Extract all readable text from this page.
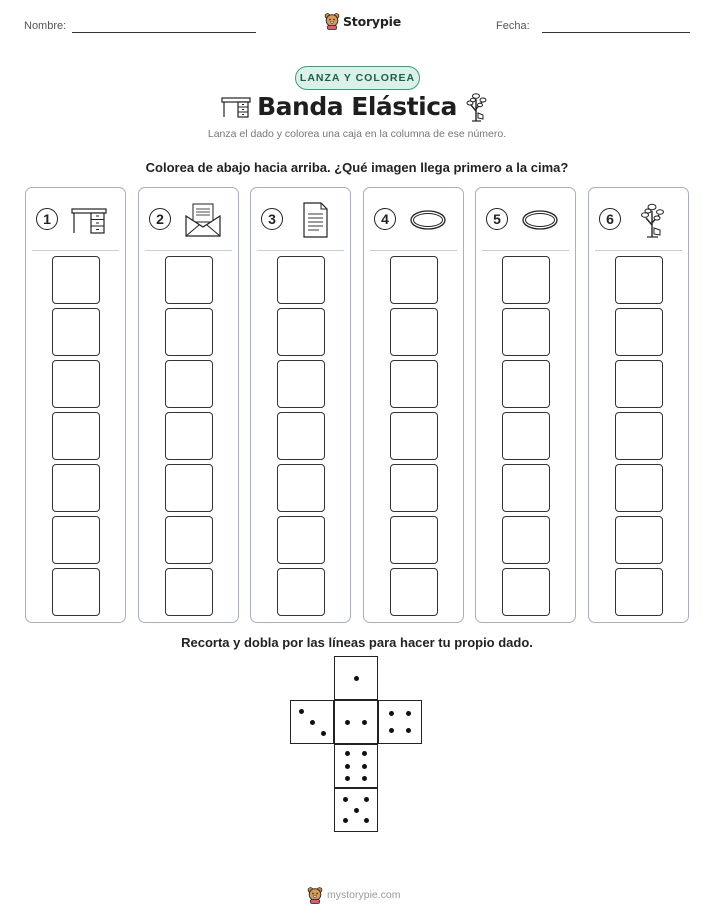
Nombre:	Storypie	Fecha:
LANZA Y COLOREA
Banda Elástica
Lanza el dado y colorea una caja en la columna de ese número.
Colorea de abajo hacia arriba. ¿Qué imagen llega primero a la cima?
1	2	3	4	5	6
Recorta y dobla por las líneas para hacer tu propio dado.
mystorypie.com
